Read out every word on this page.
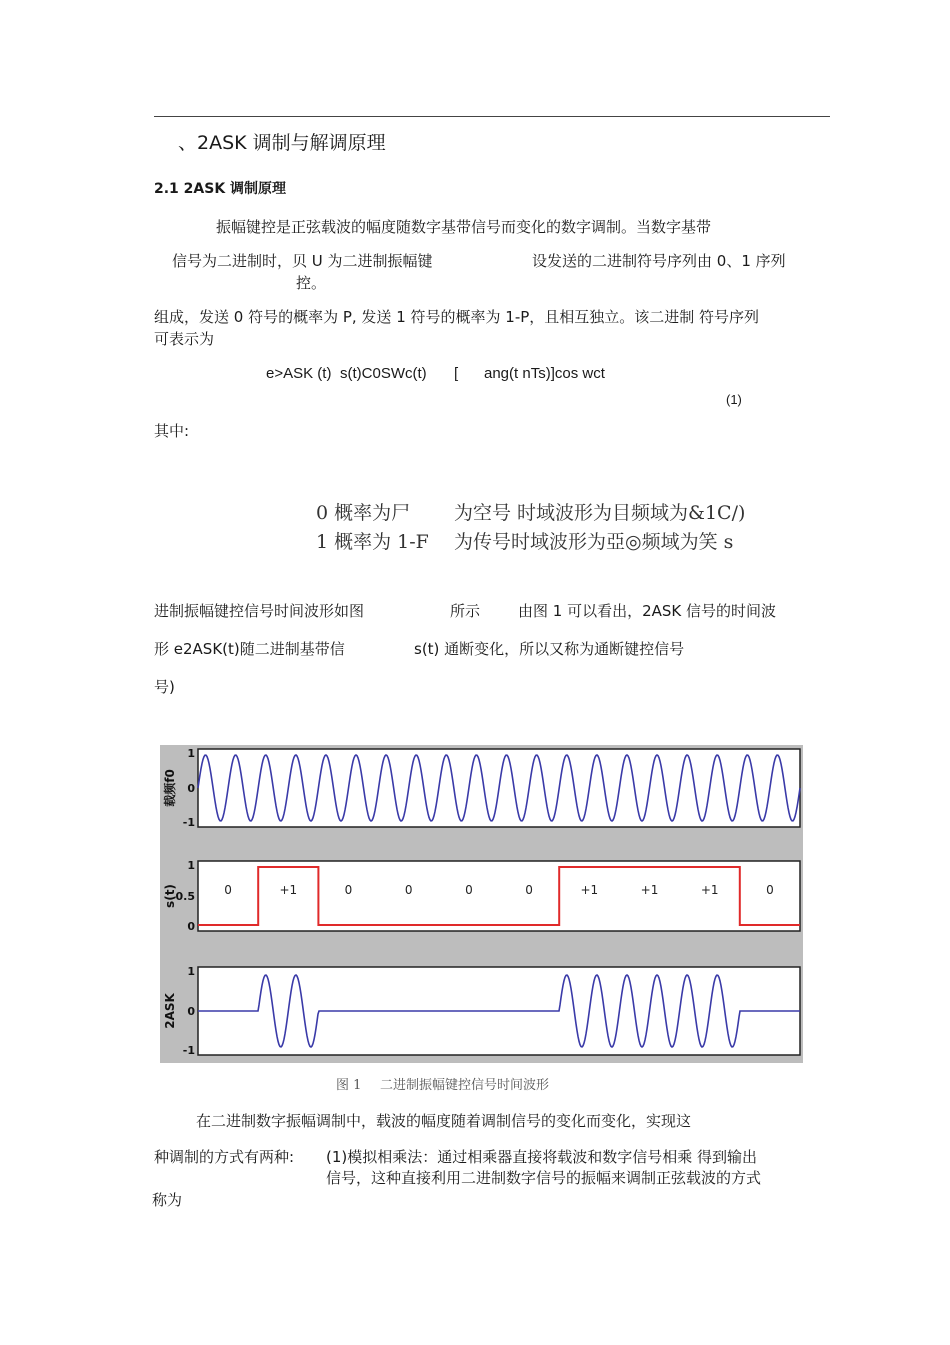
、2ASK 调制与解调原理
2.1 2ASK 调制原理
振幅键控是正弦载波的幅度随数字基带信号而变化的数字调制。当数字基带
信号为二进制时，贝 U 为二进制振幅键
控。
设发送的二进制符号序列由 0、1 序列
组成，发送 0 符号的概率为 P, 发送 1 符号的概率为 1-P，且相互独立。该二进制 符号序列
可表示为
e>ASK (t) s(t)C0SWc(t) [ ang(t nTs)]cos wct
(1)
其中:
0 概率为尸 为空号 时域波形为目频域为&1C/)
1 概率为 1-F 为传号时域波形为亞◎频域为笑 s
进制振幅键控信号时间波形如图	所示	由图 1 可以看出，2ASK 信号的时间波
形 e2ASK(t)随二进制基带信	s(t) 通断变化，所以又称为通断键控信号
号)
0	+1	0	0	0	0	+1	+1	+1	0
1
0
-1
载频f0
1
0.5
0
s(t)
1
0
-1
2ASK
图 1 二进制振幅键控信号时间波形
在二进制数字振幅调制中，载波的幅度随着调制信号的变化而变化，实现这
种调制的方式有两种: (1)模拟相乘法：通过相乘器直接将载波和数字信号相乘 得到输出
信号，这种直接利用二进制数字信号的振幅来调制正弦载波的方式
称为
